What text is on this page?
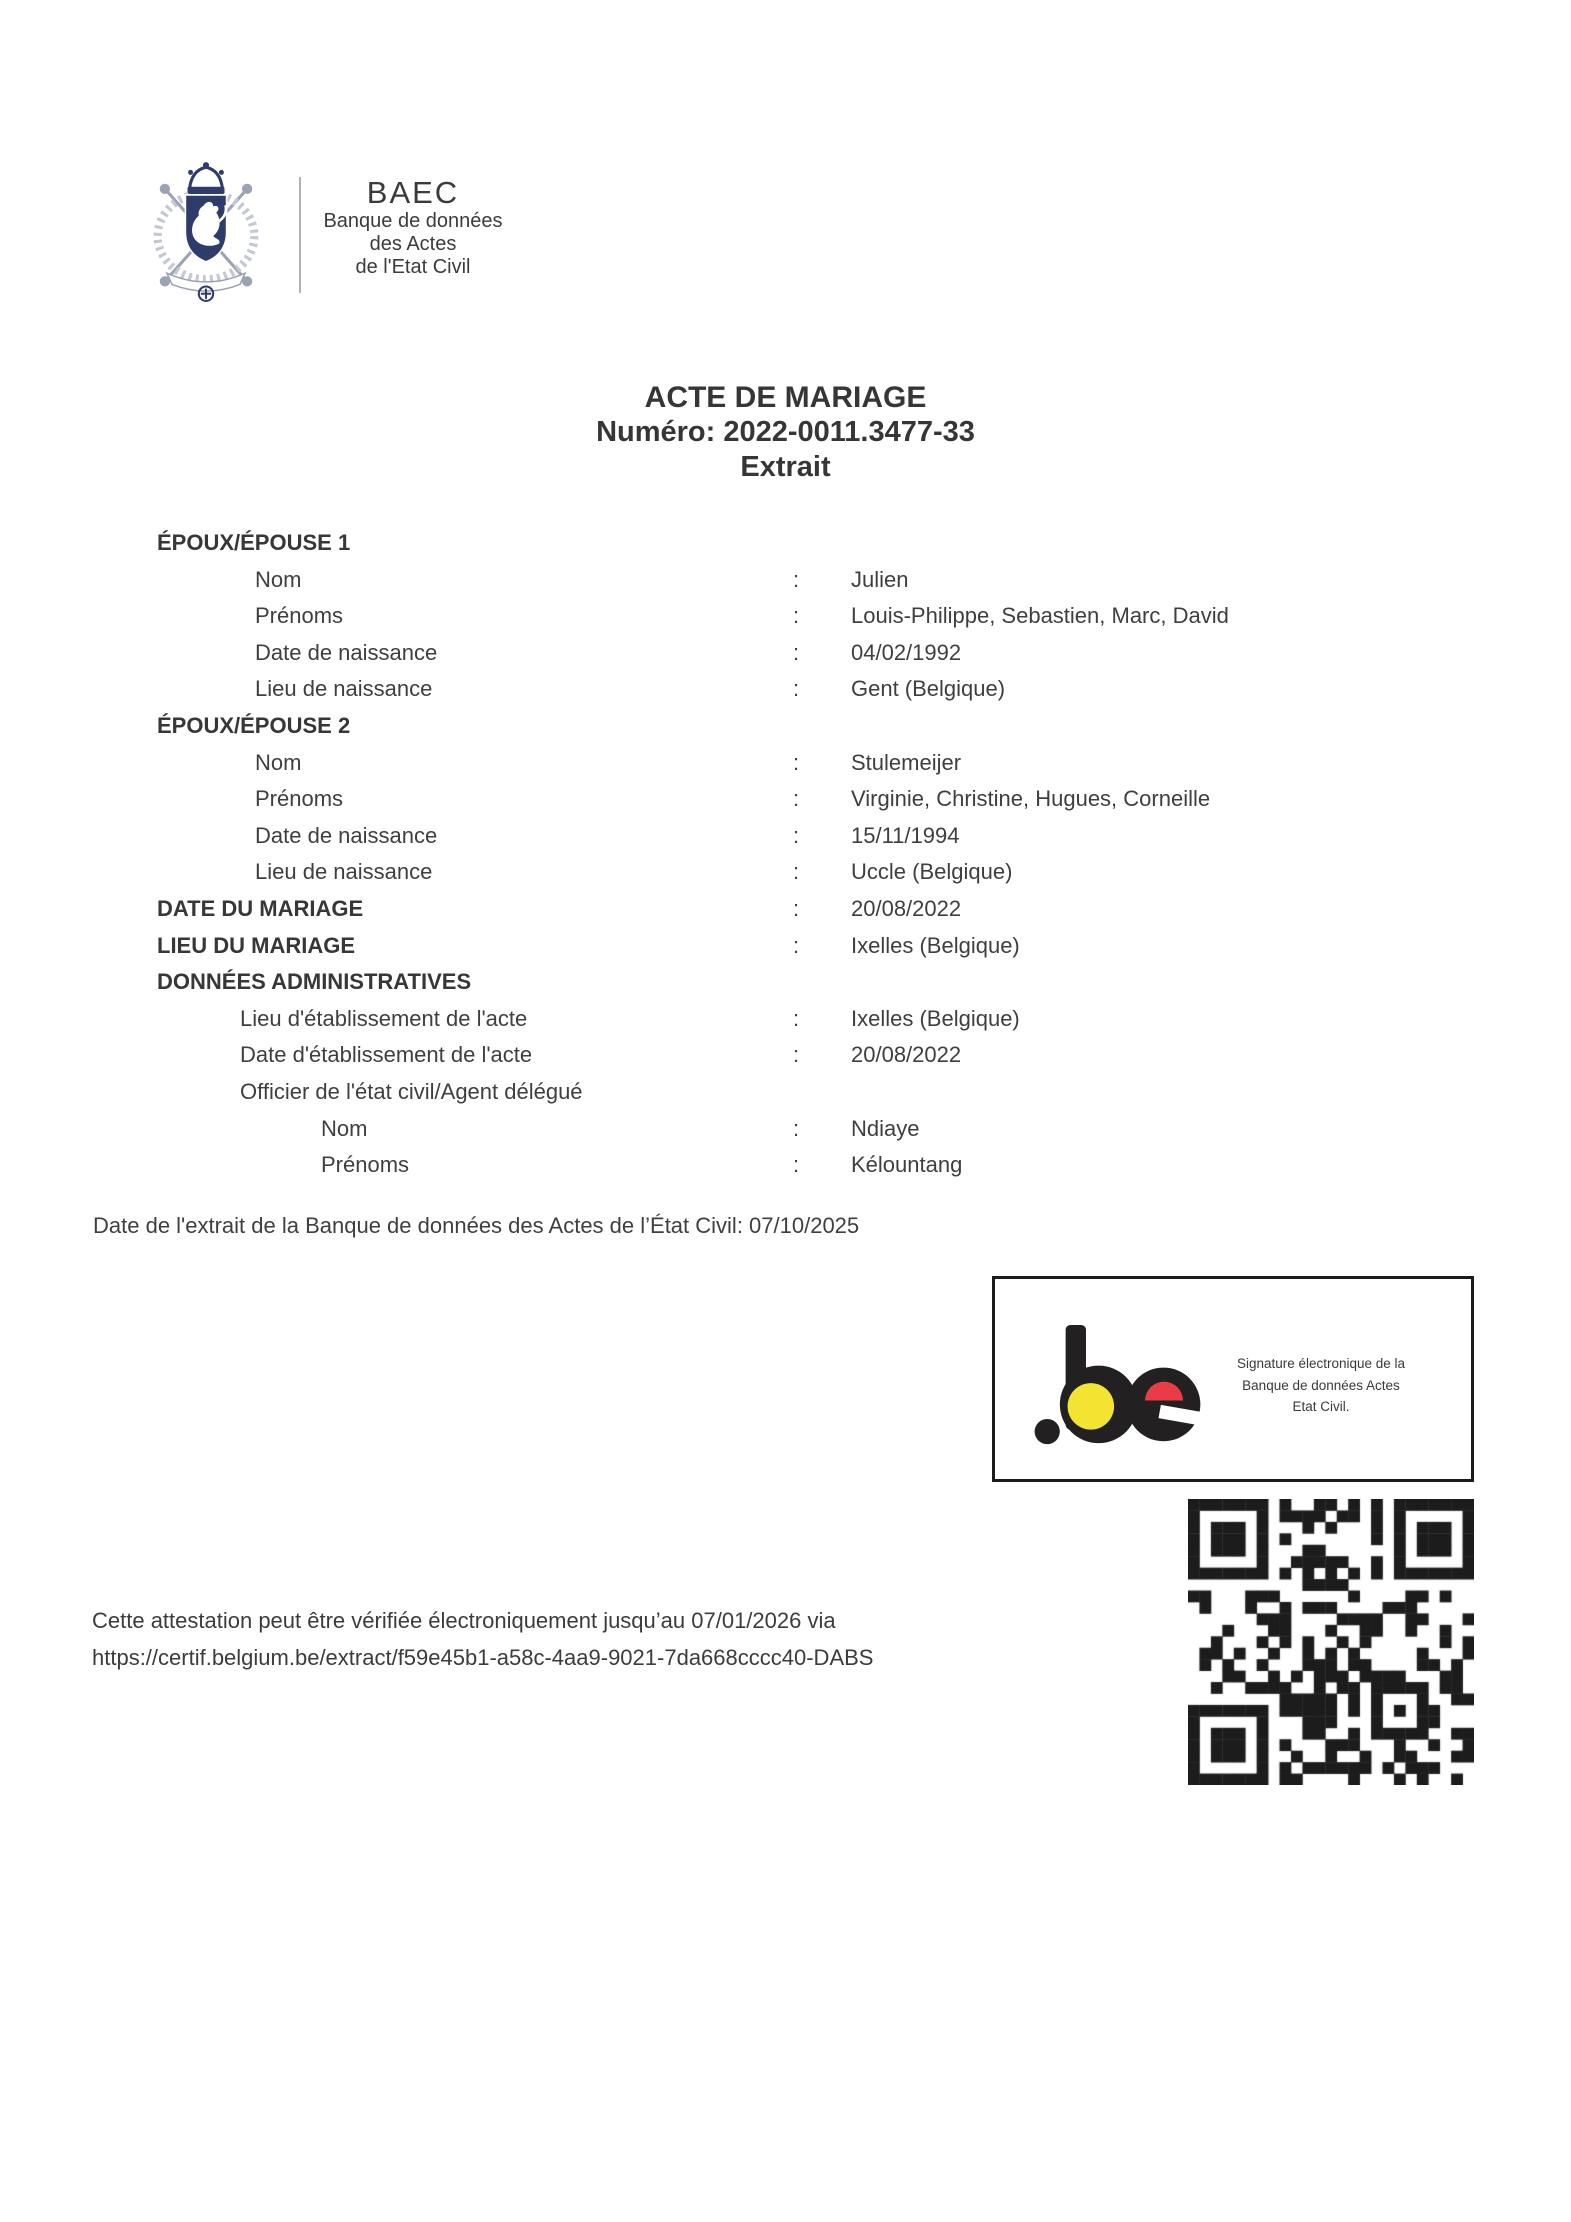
BAEC
Banque de données
des Actes
de l'Etat Civil
ACTE DE MARIAGE
Numéro: 2022-0011.3477-33
Extrait
ÉPOUX/ÉPOUSE 1
Nom	: Julien
Prénoms	: Louis-Philippe, Sebastien, Marc, David
Date de naissance	: 04/02/1992
Lieu de naissance	: Gent (Belgique)
ÉPOUX/ÉPOUSE 2
Nom	: Stulemeijer
Prénoms	: Virginie, Christine, Hugues, Corneille
Date de naissance	: 15/11/1994
Lieu de naissance	: Uccle (Belgique)
DATE DU MARIAGE	: 20/08/2022
LIEU DU MARIAGE	: Ixelles (Belgique)
DONNÉES ADMINISTRATIVES
Lieu d'établissement de l'acte	: Ixelles (Belgique)
Date d'établissement de l'acte	: 20/08/2022
Officier de l'état civil/Agent délégué
Nom	: Ndiaye
Prénoms	: Kélountang
Date de l'extrait de la Banque de données des Actes de l’État Civil: 07/10/2025
Signature électronique de la
Banque de données Actes
Etat Civil.
Cette attestation peut être vérifiée électroniquement jusqu’au 07/01/2026 via
https://certif.belgium.be/extract/f59e45b1-a58c-4aa9-9021-7da668cccc40-DABS
